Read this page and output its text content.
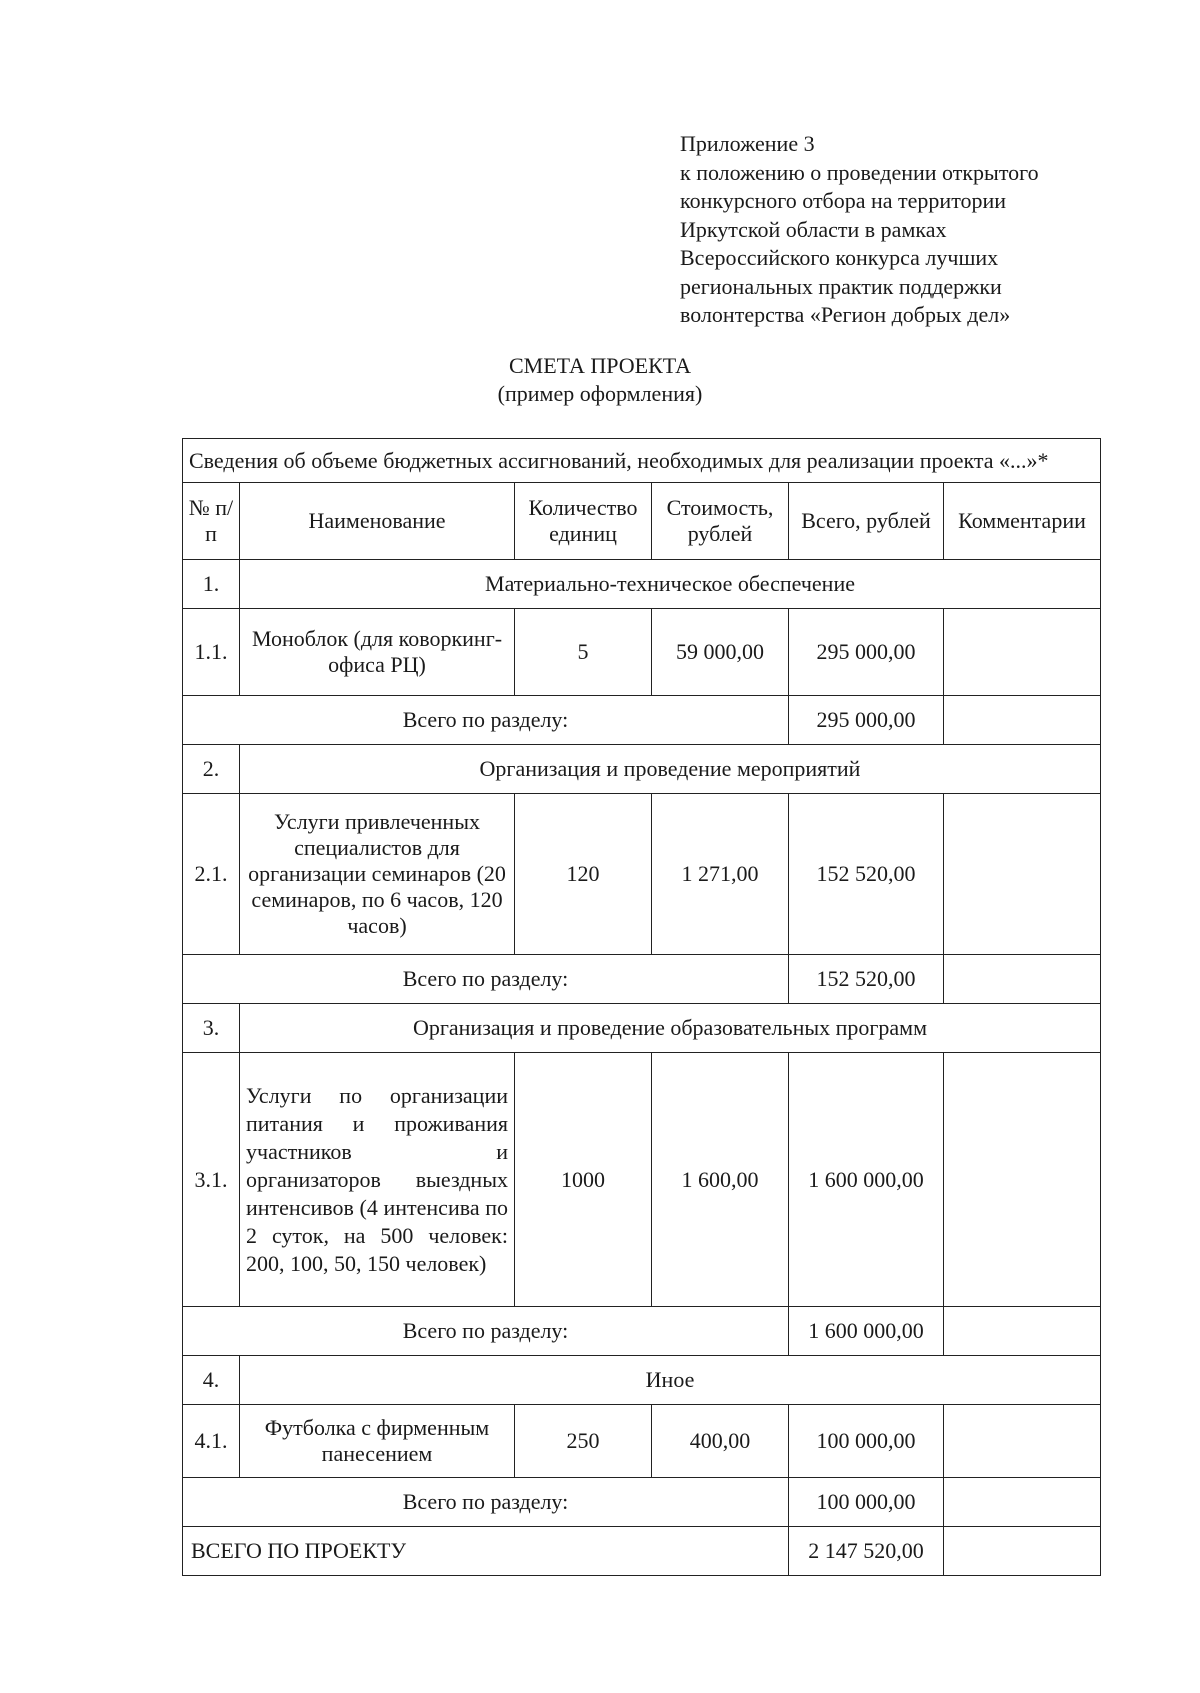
Приложение 3
к положению о проведении открытого
конкурсного отбора на территории
Иркутской области в рамках
Всероссийского конкурса лучших
региональных практик поддержки
волонтерства «Регион добрых дел»
СМЕТА ПРОЕКТА
(пример оформления)
Сведения об объеме бюджетных ассигнований, необходимых для реализации проекта «...»*					
№ п/п	Наименование	Количество единиц	Стоимость, рублей	Всего, рублей	Комментарии
1.	Материально-техническое обеспечение				
1.1.	Моноблок (для коворкинг-офиса РЦ)	5	59 000,00	295 000,00	
Всего по разделу:				295 000,00	
2.	Организация и проведение мероприятий				
2.1.	Услуги привлеченных специалистов для организации семинаров (20 семинаров, по 6 часов, 120 часов)	120	1 271,00	152 520,00	
Всего по разделу:				152 520,00	
3.	Организация и проведение образовательных программ				
3.1.	Услуги по организации питания и проживания участников и организаторов выездных интенсивов (4 интенсива по 2 суток, на 500 человек: 200, 100, 50, 150 человек)	1000	1 600,00	1 600 000,00	
Всего по разделу:				1 600 000,00	
4.	Иное				
4.1.	Футболка с фирменным панесением	250	400,00	100 000,00	
Всего по разделу:				100 000,00	
ВСЕГО ПО ПРОЕКТУ				2 147 520,00	
